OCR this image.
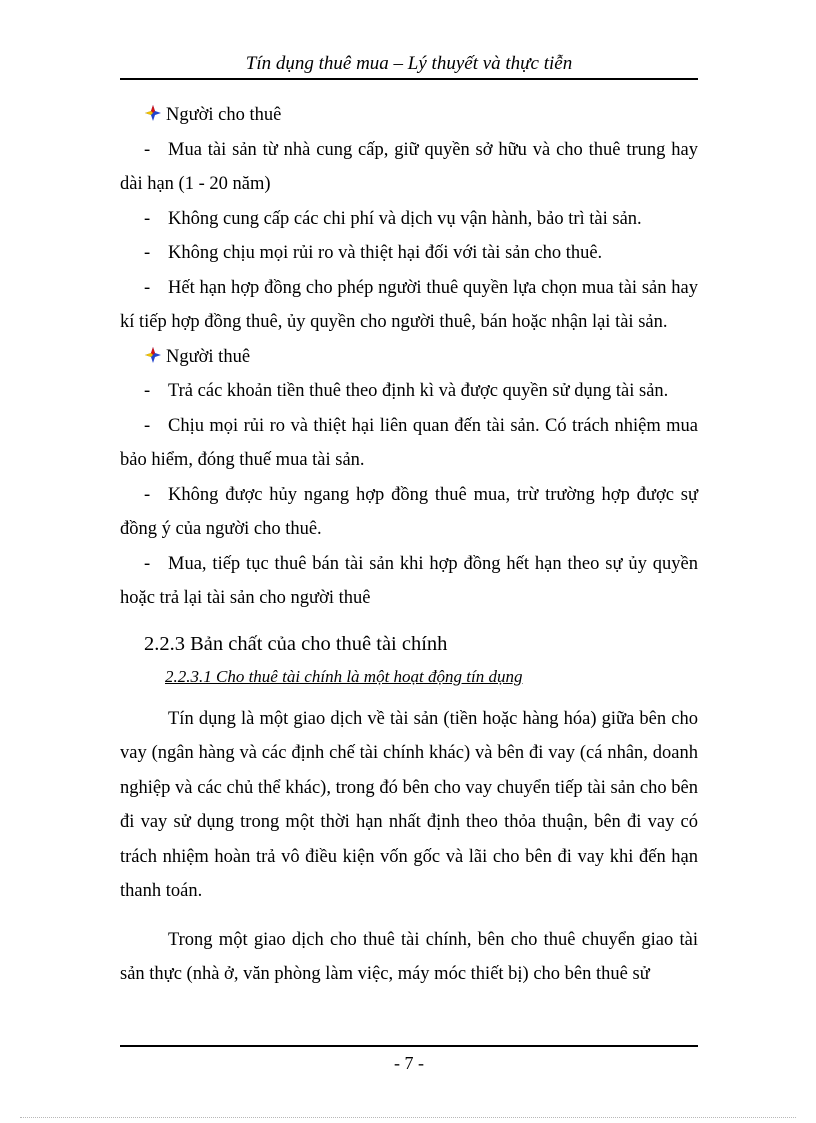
Tín dụng thuê mua – Lý thuyết và thực tiễn

Người cho thuê

- Mua tài sản từ nhà cung cấp, giữ quyền sở hữu và cho thuê trung hay dài hạn (1 - 20 năm)

- Không cung cấp các chi phí và dịch vụ vận hành, bảo trì tài sản.

- Không chịu mọi rủi ro và thiệt hại đối với tài sản cho thuê.

- Hết hạn hợp đồng cho phép người thuê quyền lựa chọn mua tài sản hay kí tiếp hợp đồng thuê, ủy quyền cho người thuê, bán hoặc nhận lại tài sản.

Người thuê

- Trả các khoản tiền thuê theo định kì và được quyền sử dụng tài sản.

- Chịu mọi rủi ro và thiệt hại liên quan đến tài sản. Có trách nhiệm mua bảo hiểm, đóng thuế mua tài sản.

- Không được hủy ngang hợp đồng thuê mua, trừ trường hợp được sự đồng ý của người cho thuê.

- Mua, tiếp tục thuê bán tài sản khi hợp đồng hết hạn theo sự ủy quyền hoặc trả lại tài sản cho người thuê

2.2.3 Bản chất của cho thuê tài chính

2.2.3.1 Cho thuê tài chính là một hoạt động tín dụng

Tín dụng là một giao dịch về tài sản (tiền hoặc hàng hóa) giữa bên cho vay (ngân hàng và các định chế tài chính khác) và bên đi vay (cá nhân, doanh nghiệp và các chủ thể khác), trong đó bên cho vay chuyển tiếp tài sản cho bên đi vay sử dụng trong một thời hạn nhất định theo thỏa thuận, bên đi vay có trách nhiệm hoàn trả vô điều kiện vốn gốc và lãi cho bên đi vay khi đến hạn thanh toán.

Trong một giao dịch cho thuê tài chính, bên cho thuê chuyển giao tài sản thực (nhà ở, văn phòng làm việc, máy móc thiết bị) cho bên thuê sử

- 7 -
